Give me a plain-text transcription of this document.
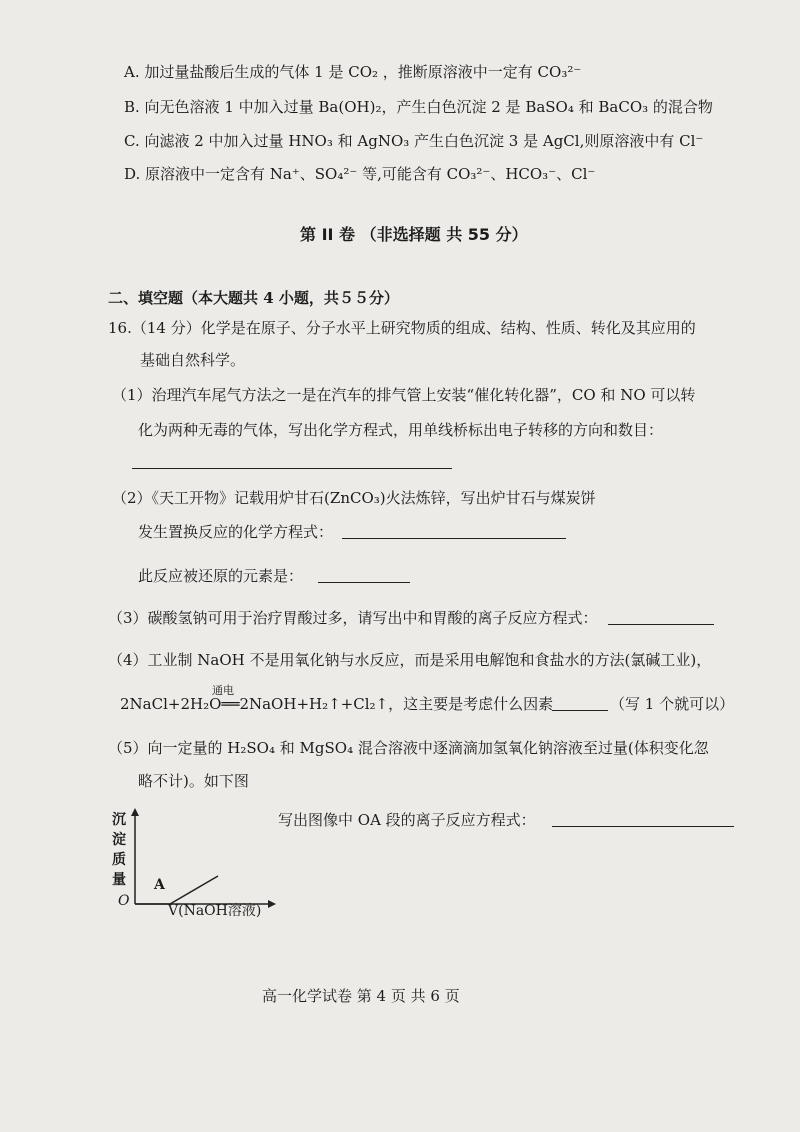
A. 加过量盐酸后生成的气体 1 是 CO₂ ，推断原溶液中一定有 CO₃²⁻
B. 向无色溶液 1 中加入过量 Ba(OH)₂，产生白色沉淀 2 是 BaSO₄ 和 BaCO₃ 的混合物
C. 向滤液 2 中加入过量 HNO₃ 和 AgNO₃ 产生白色沉淀 3 是 AgCl,则原溶液中有 Cl⁻
D. 原溶液中一定含有 Na⁺、SO₄²⁻ 等,可能含有 CO₃²⁻、HCO₃⁻、Cl⁻
第 II 卷 （非选择题 共 55 分）
二、填空题（本大题共 4 小题，共５５分）
16.（14 分）化学是在原子、分子水平上研究物质的组成、结构、性质、转化及其应用的
基础自然科学。
（1）治理汽车尾气方法之一是在汽车的排气管上安装“催化转化器”，CO 和 NO 可以转
化为两种无毒的气体，写出化学方程式，用单线桥标出电子转移的方向和数目：
（2）《天工开物》记载用炉甘石(ZnCO₃)火法炼锌，写出炉甘石与煤炭饼
发生置换反应的化学方程式：
此反应被还原的元素是：
（3）碳酸氢钠可用于治疗胃酸过多，请写出中和胃酸的离子反应方程式：
（4）工业制 NaOH 不是用氧化钠与水反应，而是采用电解饱和食盐水的方法(氯碱工业)，
通电
2NaCl+2H₂O══2NaOH+H₂↑+Cl₂↑，这主要是考虑什么因素	（写 1 个就可以）
（5）向一定量的 H₂SO₄ 和 MgSO₄ 混合溶液中逐滴滴加氢氧化钠溶液至过量(体积变化忽
略不计)。如下图
写出图像中 OA 段的离子反应方程式：
沉淀质量 A
O
V(NaOH溶液)
高一化学试卷 第 4 页 共 6 页
